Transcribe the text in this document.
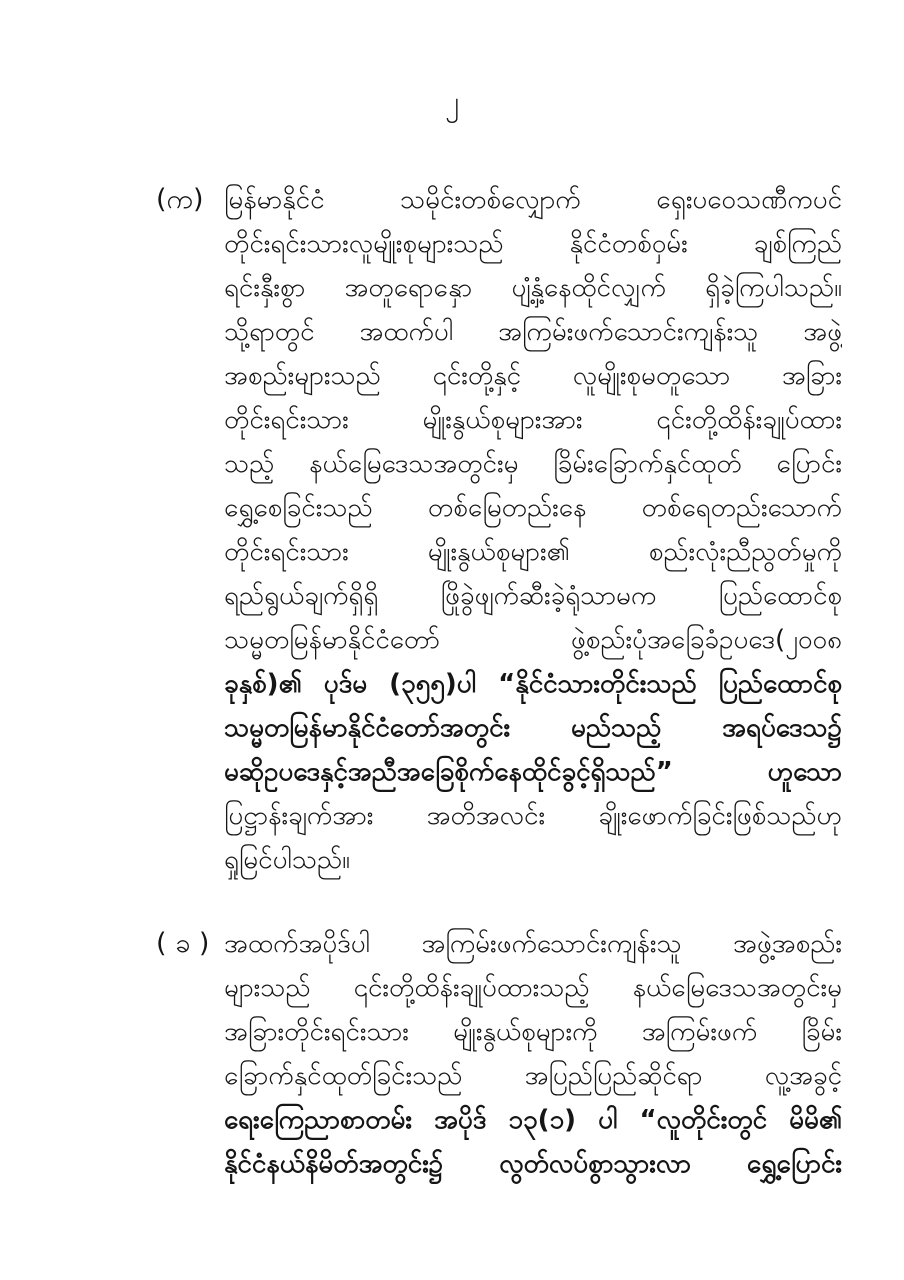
၂
(က) မြန်မာနိုင်ငံ သမိုင်းတစ်လျှောက် ရှေးပဝေသဏီကပင်
တိုင်းရင်းသားလူမျိုးစုများသည် နိုင်ငံတစ်ဝှမ်း ချစ်ကြည်
ရင်းနှီးစွာ အတူရောနှော ပျံ့နှံ့နေထိုင်လျှက် ရှိခဲ့ကြပါသည်။
သို့ရာတွင် အထက်ပါ အကြမ်းဖက်သောင်းကျန်းသူ အဖွဲ့
အစည်းများသည် ၎င်းတို့နှင့် လူမျိုးစုမတူသော အခြား
တိုင်းရင်းသား မျိုးနွယ်စုများအား ၎င်းတို့ထိန်းချုပ်ထား
သည့် နယ်မြေဒေသအတွင်းမှ ခြိမ်းခြောက်နှင်ထုတ် ပြောင်း
ရွှေ့စေခြင်းသည် တစ်မြေတည်းနေ တစ်ရေတည်းသောက်
တိုင်းရင်းသား မျိုးနွယ်စုများ၏ စည်းလုံးညီညွတ်မှုကို
ရည်ရွယ်ချက်ရှိရှိ ဖြိုခွဲဖျက်ဆီးခဲ့ရုံသာမက ပြည်ထောင်စု
သမ္မတမြန်မာနိုင်ငံတော် ဖွဲ့စည်းပုံအခြေခံဥပဒေ(၂၀၀၈
ခုနှစ်)၏ ပုဒ်မ (၃၅၅)ပါ “နိုင်ငံသားတိုင်းသည် ပြည်ထောင်စု
သမ္မတမြန်မာနိုင်ငံတော်အတွင်း မည်သည့် အရပ်ဒေသ၌
မဆိုဥပဒေနှင့်အညီအခြေစိုက်နေထိုင်ခွင့်ရှိသည်” ဟူသော
ပြဋ္ဌာန်းချက်အား အတိအလင်း ချိုးဖောက်ခြင်းဖြစ်သည်ဟု
ရှုမြင်ပါသည်။
( ခ ) အထက်အပိုဒ်ပါ အကြမ်းဖက်သောင်းကျန်းသူ အဖွဲ့အစည်း
များသည် ၎င်းတို့ထိန်းချုပ်ထားသည့် နယ်မြေဒေသအတွင်းမှ
အခြားတိုင်းရင်းသား မျိုးနွယ်စုများကို အကြမ်းဖက် ခြိမ်း
ခြောက်နှင်ထုတ်ခြင်းသည် အပြည်ပြည်ဆိုင်ရာ လူ့အခွင့်
ရေးကြေညာစာတမ်း အပိုဒ် ၁၃(၁) ပါ “လူတိုင်းတွင် မိမိ၏
နိုင်ငံနယ်နိမိတ်အတွင်း၌ လွတ်လပ်စွာသွားလာ ရွှေ့ပြောင်း
